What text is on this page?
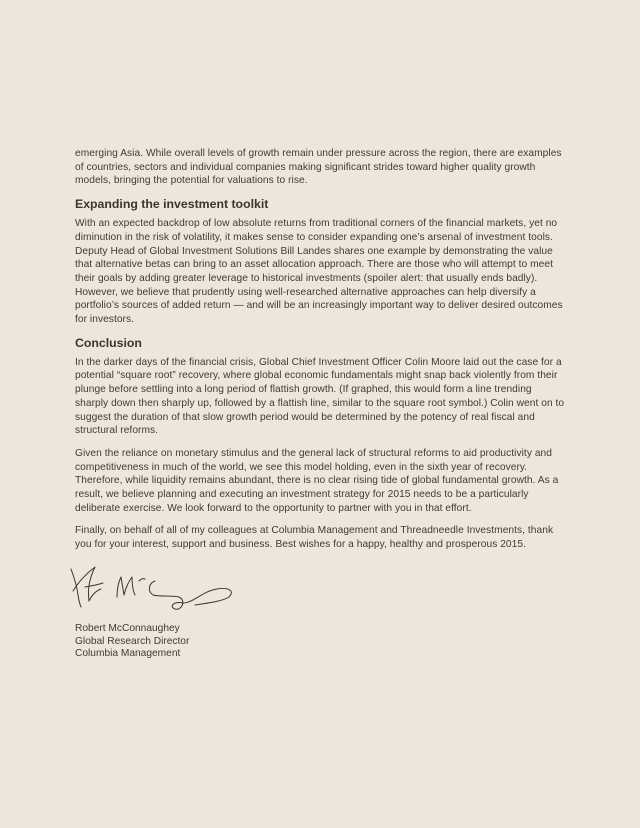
emerging Asia. While overall levels of growth remain under pressure across the region, there are examples of countries, sectors and individual companies making significant strides toward higher quality growth models, bringing the potential for valuations to rise.

Expanding the investment toolkit

With an expected backdrop of low absolute returns from traditional corners of the financial markets, yet no diminution in the risk of volatility, it makes sense to consider expanding one’s arsenal of investment tools. Deputy Head of Global Investment Solutions Bill Landes shares one example by demonstrating the value that alternative betas can bring to an asset allocation approach. There are those who will attempt to meet their goals by adding greater leverage to historical investments (spoiler alert: that usually ends badly). However, we believe that prudently using well-researched alternative approaches can help diversify a portfolio’s sources of added return — and will be an increasingly important way to deliver desired outcomes for investors.

Conclusion

In the darker days of the financial crisis, Global Chief Investment Officer Colin Moore laid out the case for a potential “square root” recovery, where global economic fundamentals might snap back violently from their plunge before settling into a long period of flattish growth. (If graphed, this would form a line trending sharply down then sharply up, followed by a flattish line, similar to the square root symbol.) Colin went on to suggest the duration of that slow growth period would be determined by the potency of real fiscal and structural reforms.

Given the reliance on monetary stimulus and the general lack of structural reforms to aid productivity and competitiveness in much of the world, we see this model holding, even in the sixth year of recovery. Therefore, while liquidity remains abundant, there is no clear rising tide of global fundamental growth. As a result, we believe planning and executing an investment strategy for 2015 needs to be a particularly deliberate exercise. We look forward to the opportunity to partner with you in that effort.

Finally, on behalf of all of my colleagues at Columbia Management and Threadneedle Investments, thank you for your interest, support and business. Best wishes for a happy, healthy and prosperous 2015.

Robert McConnaughey
Global Research Director
Columbia Management
